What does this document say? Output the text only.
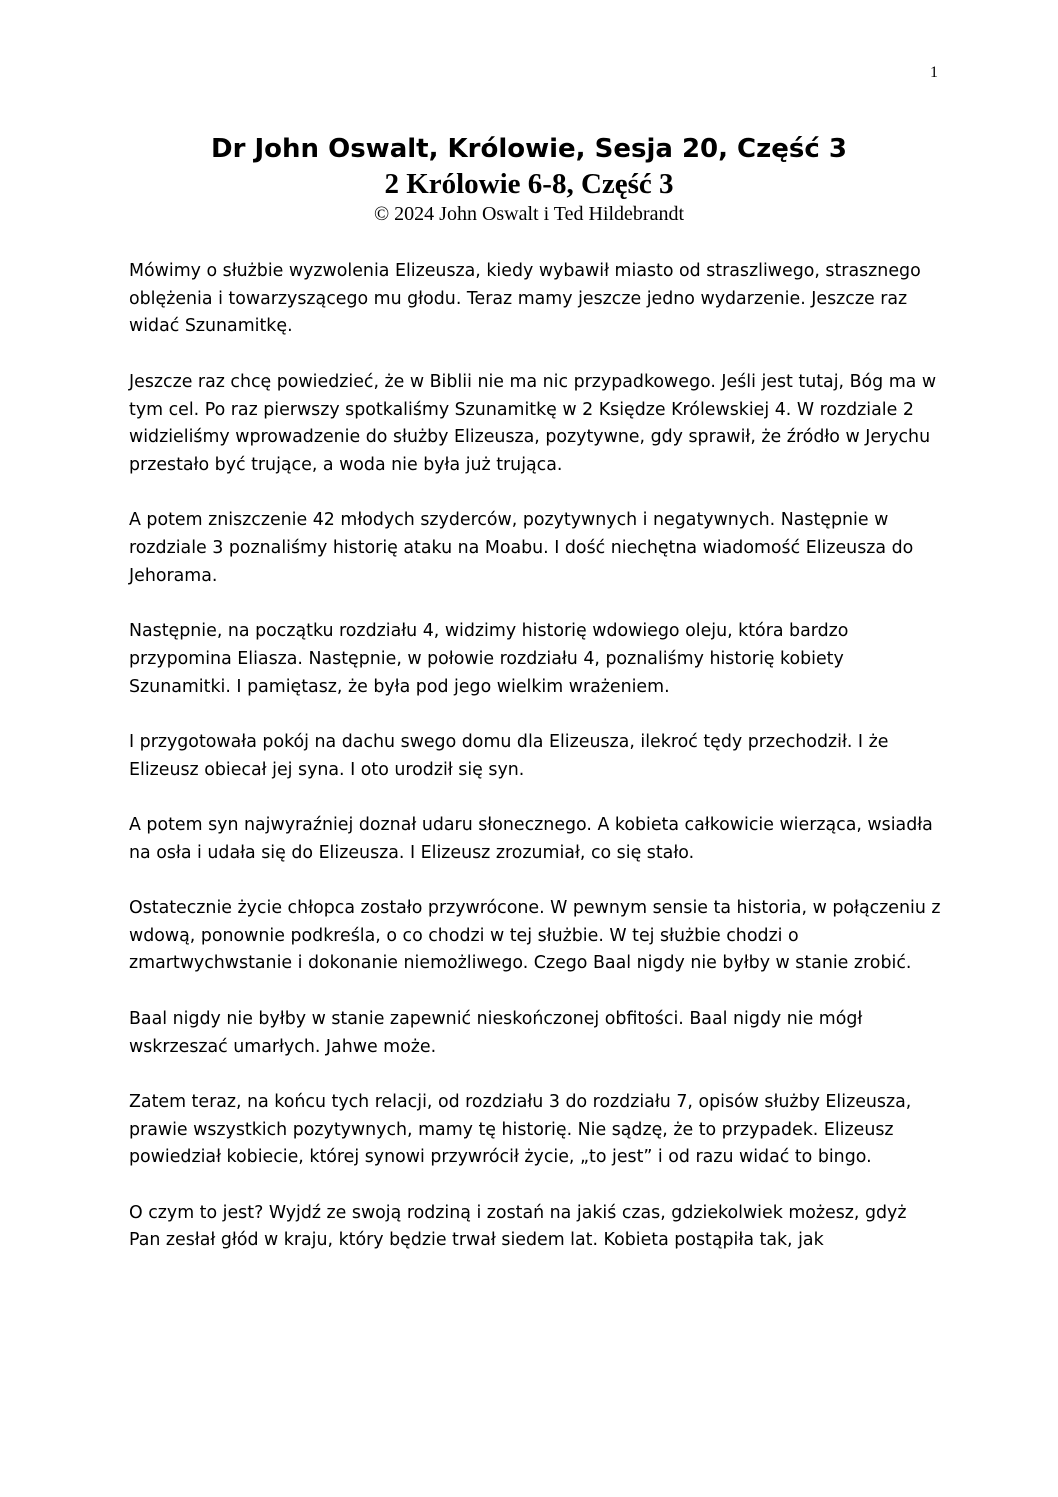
1

Dr John Oswalt, Królowie, Sesja 20, Część 3

2 Królowie 6-8, Część 3

© 2024 John Oswalt i Ted Hildebrandt

Mówimy o służbie wyzwolenia Elizeusza, kiedy wybawił miasto od straszliwego, strasznego oblężenia i towarzyszącego mu głodu. Teraz mamy jeszcze jedno wydarzenie. Jeszcze raz widać Szunamitkę.

Jeszcze raz chcę powiedzieć, że w Biblii nie ma nic przypadkowego. Jeśli jest tutaj, Bóg ma w tym cel. Po raz pierwszy spotkaliśmy Szunamitkę w 2 Księdze Królewskiej 4. W rozdziale 2 widzieliśmy wprowadzenie do służby Elizeusza, pozytywne, gdy sprawił, że źródło w Jerychu przestało być trujące, a woda nie była już trująca.

A potem zniszczenie 42 młodych szyderców, pozytywnych i negatywnych. Następnie w rozdziale 3 poznaliśmy historię ataku na Moabu. I dość niechętna wiadomość Elizeusza do Jehorama.

Następnie, na początku rozdziału 4, widzimy historię wdowiego oleju, która bardzo przypomina Eliasza. Następnie, w połowie rozdziału 4, poznaliśmy historię kobiety Szunamitki. I pamiętasz, że była pod jego wielkim wrażeniem.

I przygotowała pokój na dachu swego domu dla Elizeusza, ilekroć tędy przechodził. I że Elizeusz obiecał jej syna. I oto urodził się syn.

A potem syn najwyraźniej doznał udaru słonecznego. A kobieta całkowicie wierząca, wsiadła na osła i udała się do Elizeusza. I Elizeusz zrozumiał, co się stało.

Ostatecznie życie chłopca zostało przywrócone. W pewnym sensie ta historia, w połączeniu z wdową, ponownie podkreśla, o co chodzi w tej służbie. W tej służbie chodzi o zmartwychwstanie i dokonanie niemożliwego. Czego Baal nigdy nie byłby w stanie zrobić.

Baal nigdy nie byłby w stanie zapewnić nieskończonej obfitości. Baal nigdy nie mógł wskrzeszać umarłych. Jahwe może.

Zatem teraz, na końcu tych relacji, od rozdziału 3 do rozdziału 7, opisów służby Elizeusza, prawie wszystkich pozytywnych, mamy tę historię. Nie sądzę, że to przypadek. Elizeusz powiedział kobiecie, której synowi przywrócił życie, „to jest” i od razu widać to bingo.

O czym to jest? Wyjdź ze swoją rodziną i zostań na jakiś czas, gdziekolwiek możesz, gdyż Pan zesłał głód w kraju, który będzie trwał siedem lat. Kobieta postąpiła tak, jak
